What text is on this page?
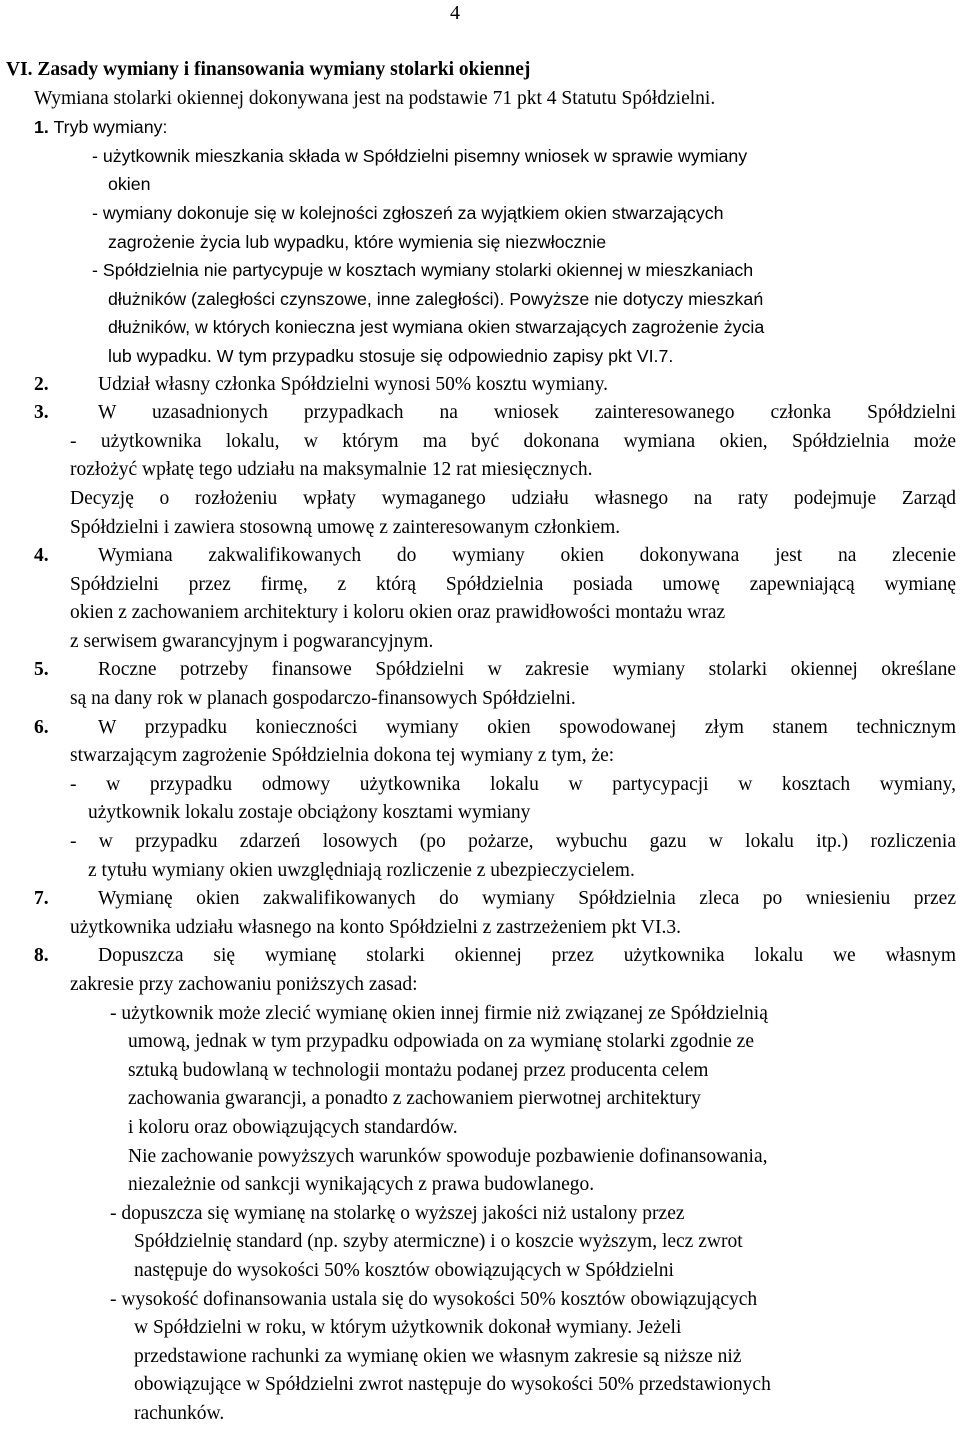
4
VI. Zasady wymiany i finansowania wymiany stolarki okiennej
Wymiana stolarki okiennej dokonywana jest na podstawie 71 pkt 4 Statutu Spółdzielni.
1. Tryb wymiany:
- użytkownik mieszkania składa w Spółdzielni pisemny wniosek w sprawie wymiany
okien
- wymiany dokonuje się w kolejności zgłoszeń za wyjątkiem okien stwarzających
zagrożenie życia lub wypadku, które wymienia się niezwłocznie
- Spółdzielnia nie partycypuje w kosztach wymiany stolarki okiennej w mieszkaniach
dłużników (zaległości czynszowe, inne zaległości). Powyższe nie dotyczy mieszkań
dłużników, w których konieczna jest wymiana okien stwarzających zagrożenie życia
lub wypadku. W tym przypadku stosuje się odpowiednio zapisy pkt VI.7.
2.	Udział własny członka Spółdzielni wynosi 50% kosztu wymiany.
3.	W uzasadnionych przypadkach na wniosek zainteresowanego członka Spółdzielni
- użytkownika lokalu, w którym ma być dokonana wymiana okien, Spółdzielnia może
rozłożyć wpłatę tego udziału na maksymalnie 12 rat miesięcznych.
Decyzję o rozłożeniu wpłaty wymaganego udziału własnego na raty podejmuje Zarząd
Spółdzielni i zawiera stosowną umowę z zainteresowanym członkiem.
4.	Wymiana zakwalifikowanych do wymiany okien dokonywana jest na zlecenie
Spółdzielni przez firmę, z którą Spółdzielnia posiada umowę zapewniającą wymianę
okien z zachowaniem architektury i koloru okien oraz prawidłowości montażu wraz
z serwisem gwarancyjnym i pogwarancyjnym.
5.	Roczne potrzeby finansowe Spółdzielni w zakresie wymiany stolarki okiennej określane
są na dany rok w planach gospodarczo-finansowych Spółdzielni.
6.	W przypadku konieczności wymiany okien spowodowanej złym stanem technicznym
stwarzającym zagrożenie Spółdzielnia dokona tej wymiany z tym, że:
- w przypadku odmowy użytkownika lokalu w partycypacji w kosztach wymiany,
użytkownik lokalu zostaje obciążony kosztami wymiany
- w przypadku zdarzeń losowych (po pożarze, wybuchu gazu w lokalu itp.) rozliczenia
z tytułu wymiany okien uwzględniają rozliczenie z ubezpieczycielem.
7.	Wymianę okien zakwalifikowanych do wymiany Spółdzielnia zleca po wniesieniu przez
użytkownika udziału własnego na konto Spółdzielni z zastrzeżeniem pkt VI.3.
8.	Dopuszcza się wymianę stolarki okiennej przez użytkownika lokalu we własnym
zakresie przy zachowaniu poniższych zasad:
- użytkownik może zlecić wymianę okien innej firmie niż związanej ze Spółdzielnią
umową, jednak w tym przypadku odpowiada on za wymianę stolarki zgodnie ze
sztuką budowlaną w technologii montażu podanej przez producenta celem
zachowania gwarancji, a ponadto z zachowaniem pierwotnej architektury
i koloru oraz obowiązujących standardów.
Nie zachowanie powyższych warunków spowoduje pozbawienie dofinansowania,
niezależnie od sankcji wynikających z prawa budowlanego.
- dopuszcza się wymianę na stolarkę o wyższej jakości niż ustalony przez
Spółdzielnię standard (np. szyby atermiczne) i o koszcie wyższym, lecz zwrot
następuje do wysokości 50% kosztów obowiązujących w Spółdzielni
- wysokość dofinansowania ustala się do wysokości 50% kosztów obowiązujących
w Spółdzielni w roku, w którym użytkownik dokonał wymiany. Jeżeli
przedstawione rachunki za wymianę okien we własnym zakresie są niższe niż
obowiązujące w Spółdzielni zwrot następuje do wysokości 50% przedstawionych
rachunków.
